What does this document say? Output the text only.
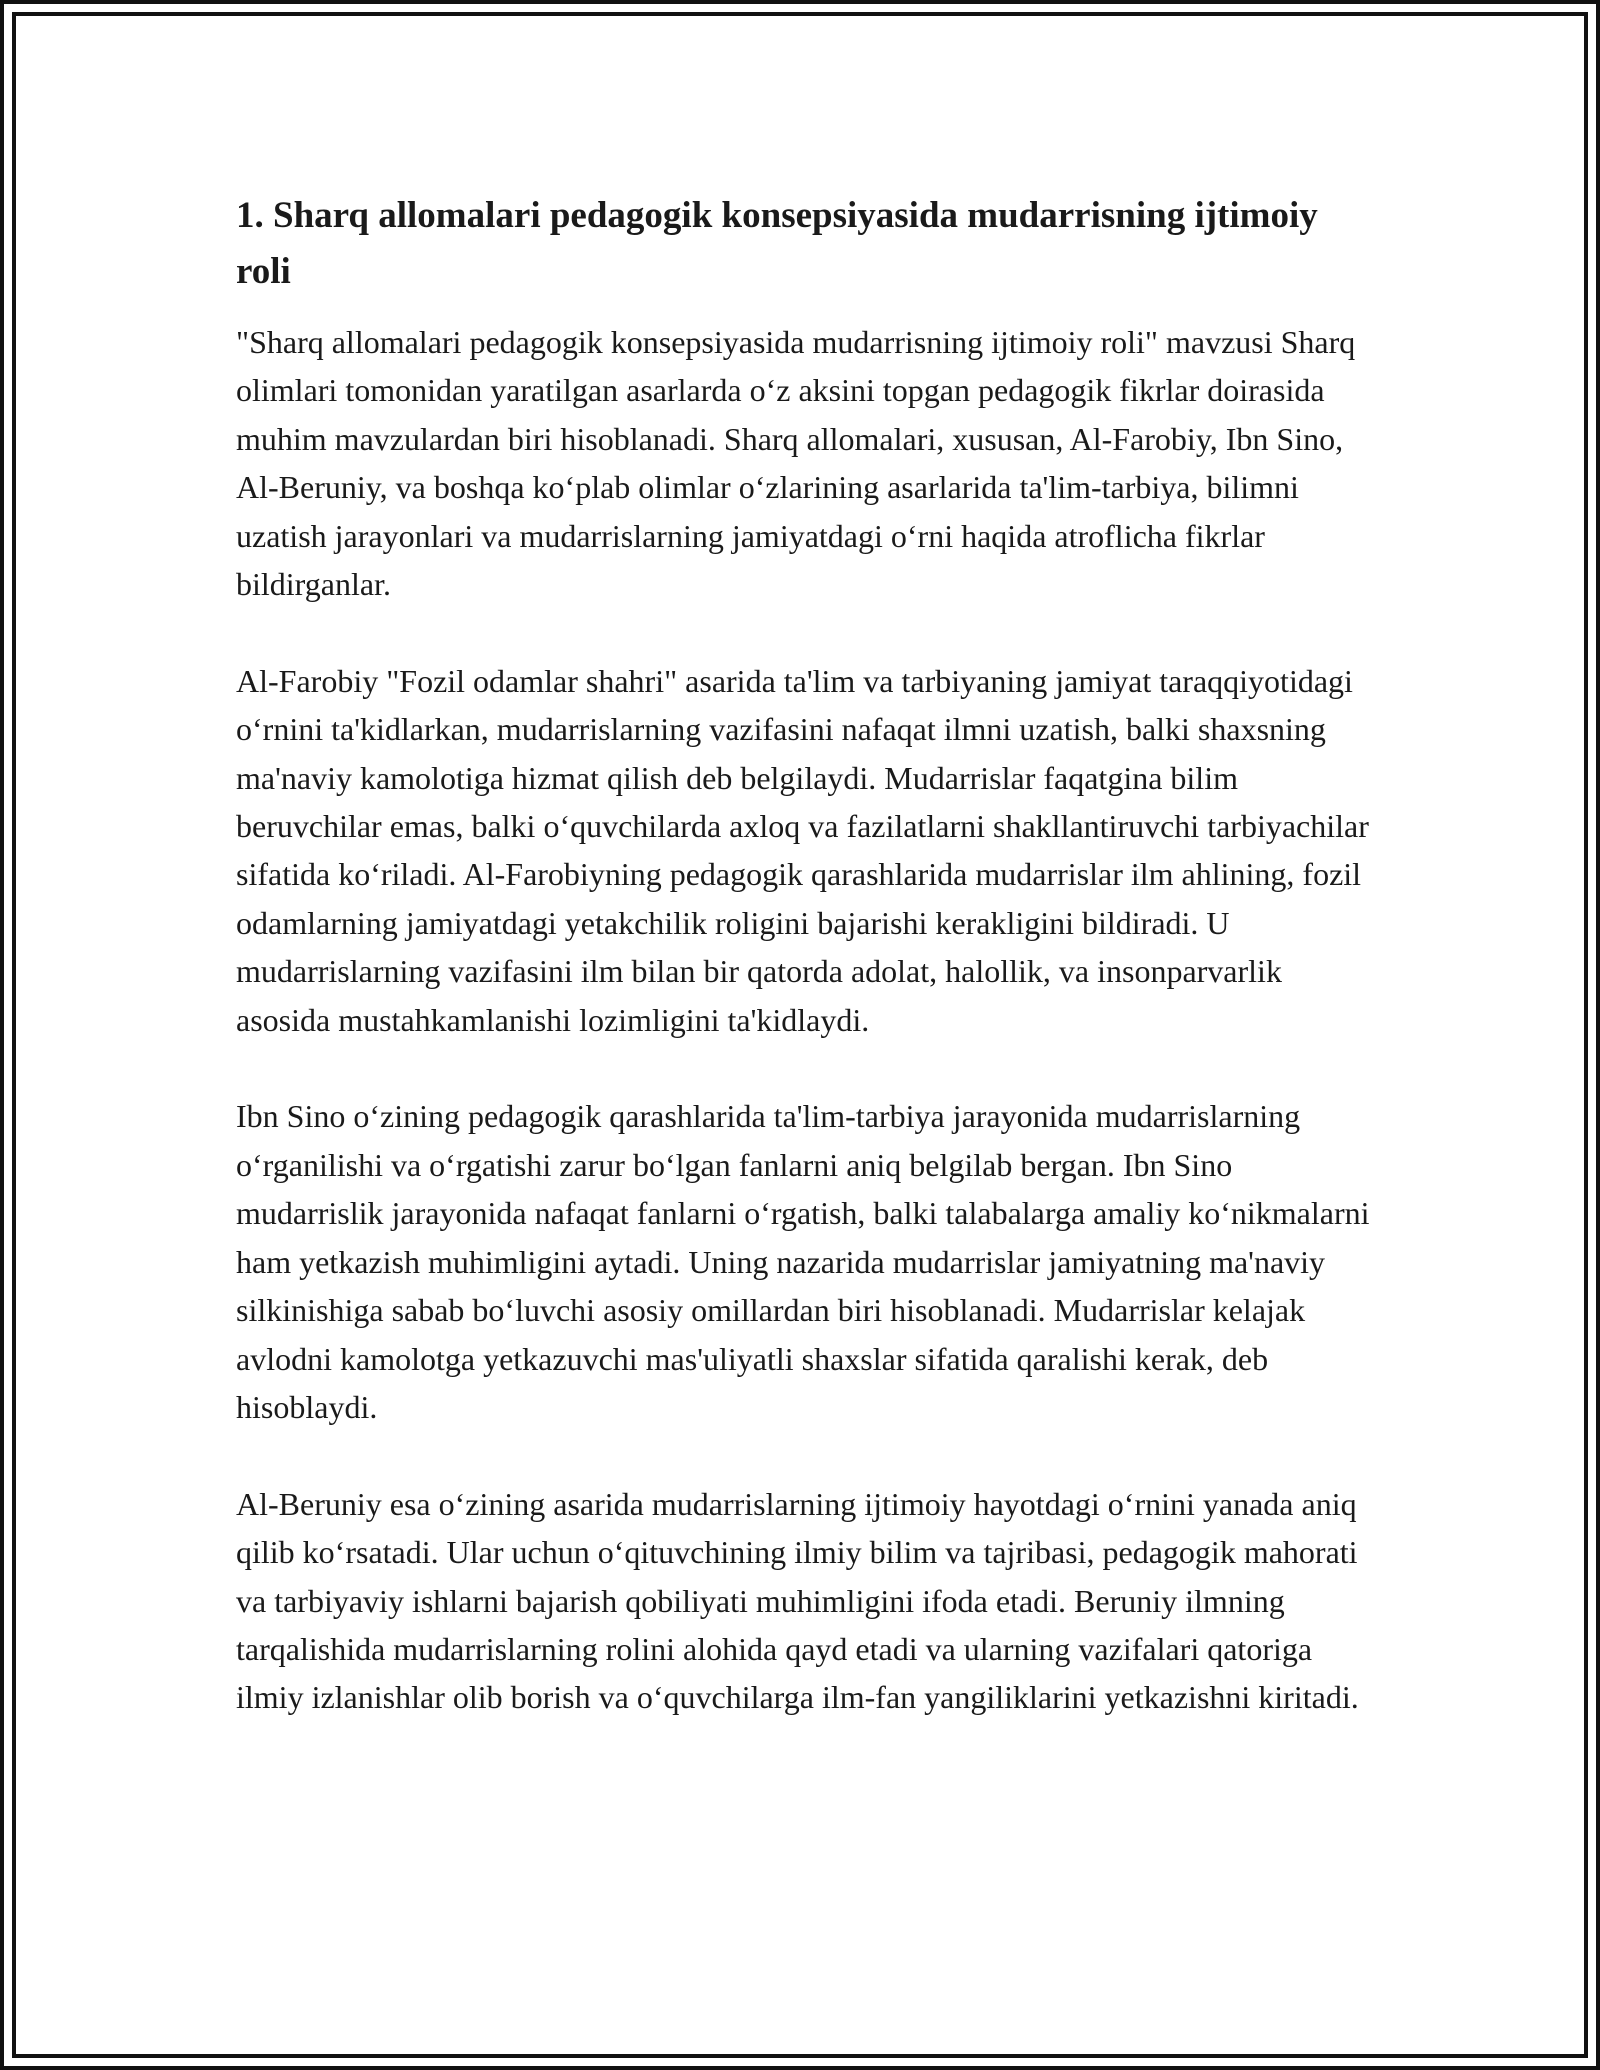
1. Sharq allomalari pedagogik konsepsiyasida mudarrisning ijtimoiy roli

"Sharq allomalari pedagogik konsepsiyasida mudarrisning ijtimoiy roli" mavzusi Sharq olimlari tomonidan yaratilgan asarlarda oʻz aksini topgan pedagogik fikrlar doirasida muhim mavzulardan biri hisoblanadi. Sharq allomalari, xususan, Al-Farobiy, Ibn Sino, Al-Beruniy, va boshqa koʻplab olimlar oʻzlarining asarlarida ta'lim-tarbiya, bilimni uzatish jarayonlari va mudarrislarning jamiyatdagi oʻrni haqida atroflicha fikrlar bildirganlar.

Al-Farobiy "Fozil odamlar shahri" asarida ta'lim va tarbiyaning jamiyat taraqqiyotidagi oʻrnini ta'kidlarkan, mudarrislarning vazifasini nafaqat ilmni uzatish, balki shaxsning ma'naviy kamolotiga hizmat qilish deb belgilaydi. Mudarrislar faqatgina bilim beruvchilar emas, balki oʻquvchilarda axloq va fazilatlarni shakllantiruvchi tarbiyachilar sifatida koʻriladi. Al-Farobiyning pedagogik qarashlarida mudarrislar ilm ahlining, fozil odamlarning jamiyatdagi yetakchilik roligini bajarishi kerakligini bildiradi. U mudarrislarning vazifasini ilm bilan bir qatorda adolat, halollik, va insonparvarlik asosida mustahkamlanishi lozimligini ta'kidlaydi.

Ibn Sino oʻzining pedagogik qarashlarida ta'lim-tarbiya jarayonida mudarrislarning oʻrganilishi va oʻrgatishi zarur boʻlgan fanlarni aniq belgilab bergan. Ibn Sino mudarrislik jarayonida nafaqat fanlarni oʻrgatish, balki talabalarga amaliy koʻnikmalarni ham yetkazish muhimligini aytadi. Uning nazarida mudarrislar jamiyatning ma'naviy silkinishiga sabab boʻluvchi asosiy omillardan biri hisoblanadi. Mudarrislar kelajak avlodni kamolotga yetkazuvchi mas'uliyatli shaxslar sifatida qaralishi kerak, deb hisoblaydi.

Al-Beruniy esa oʻzining asarida mudarrislarning ijtimoiy hayotdagi oʻrnini yanada aniq qilib koʻrsatadi. Ular uchun oʻqituvchining ilmiy bilim va tajribasi, pedagogik mahorati va tarbiyaviy ishlarni bajarish qobiliyati muhimligini ifoda etadi. Beruniy ilmning tarqalishida mudarrislarning rolini alohida qayd etadi va ularning vazifalari qatoriga ilmiy izlanishlar olib borish va oʻquvchilarga ilm-fan yangiliklarini yetkazishni kiritadi.
